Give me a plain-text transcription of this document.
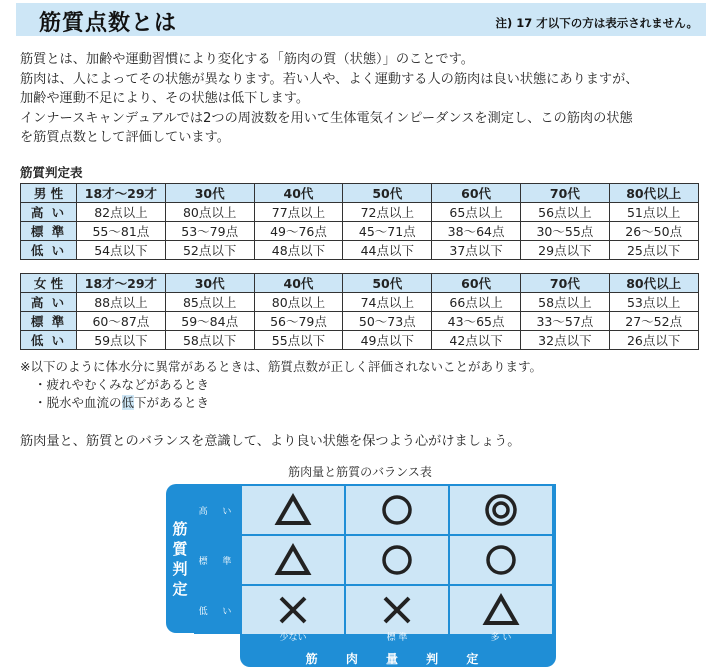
筋質点数とは	注) 17 才以下の方は表示されません。
筋質とは、加齢や運動習慣により変化する「筋肉の質（状態）」のことです。
筋肉は、人によってその状態が異なります。若い人や、よく運動する人の筋肉は良い状態にありますが、
加齢や運動不足により、その状態は低下します。
インナースキャンデュアルでは2つの周波数を用いて生体電気インピーダンスを測定し、この筋肉の状態
を筋質点数として評価しています。
筋質判定表
男 性	18才〜29才	30代	40代	50代	60代	70代	80代以上
高 い	82点以上	80点以上	77点以上	72点以上	65点以上	56点以上	51点以上
標 準	55〜81点	53〜79点	49〜76点	45〜71点	38〜64点	30〜55点	26〜50点
低 い	54点以下	52点以下	48点以下	44点以下	37点以下	29点以下	25点以下
女 性	18才〜29才	30代	40代	50代	60代	70代	80代以上
高 い	88点以上	85点以上	80点以上	74点以上	66点以上	58点以上	53点以上
標 準	60〜87点	59〜84点	56〜79点	50〜73点	43〜65点	33〜57点	27〜52点
低 い	59点以下	58点以下	55点以下	49点以下	42点以下	32点以下	26点以下
※以下のように体水分に異常があるときは、筋質点数が正しく評価されないことがあります。
・疲れやむくみなどがあるとき
・脱水や血流の低下があるとき
筋肉量と、筋質とのバランスを意識して、より良い状態を保つよう心がけましょう。
筋肉量と筋質のバランス表
筋
質
判
定
高 い
標 準
低 い
少ない	標 準	多 い
筋 肉 量 判 定
